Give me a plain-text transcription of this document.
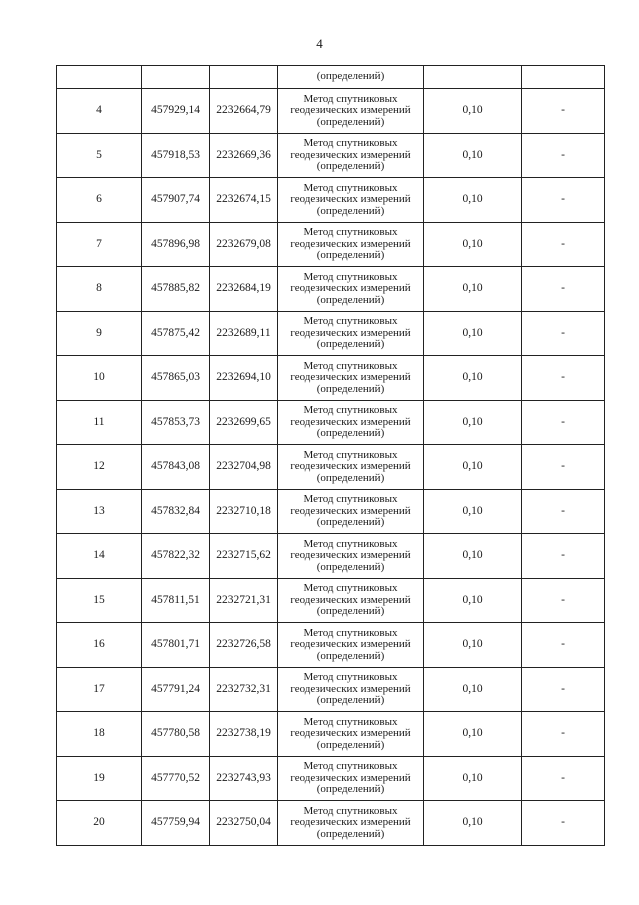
4
			(определений)		
4	457929,14	2232664,79	Метод спутниковых
геодезических измерений
(определений)	0,10	-
5	457918,53	2232669,36	Метод спутниковых
геодезических измерений
(определений)	0,10	-
6	457907,74	2232674,15	Метод спутниковых
геодезических измерений
(определений)	0,10	-
7	457896,98	2232679,08	Метод спутниковых
геодезических измерений
(определений)	0,10	-
8	457885,82	2232684,19	Метод спутниковых
геодезических измерений
(определений)	0,10	-
9	457875,42	2232689,11	Метод спутниковых
геодезических измерений
(определений)	0,10	-
10	457865,03	2232694,10	Метод спутниковых
геодезических измерений
(определений)	0,10	-
11	457853,73	2232699,65	Метод спутниковых
геодезических измерений
(определений)	0,10	-
12	457843,08	2232704,98	Метод спутниковых
геодезических измерений
(определений)	0,10	-
13	457832,84	2232710,18	Метод спутниковых
геодезических измерений
(определений)	0,10	-
14	457822,32	2232715,62	Метод спутниковых
геодезических измерений
(определений)	0,10	-
15	457811,51	2232721,31	Метод спутниковых
геодезических измерений
(определений)	0,10	-
16	457801,71	2232726,58	Метод спутниковых
геодезических измерений
(определений)	0,10	-
17	457791,24	2232732,31	Метод спутниковых
геодезических измерений
(определений)	0,10	-
18	457780,58	2232738,19	Метод спутниковых
геодезических измерений
(определений)	0,10	-
19	457770,52	2232743,93	Метод спутниковых
геодезических измерений
(определений)	0,10	-
20	457759,94	2232750,04	Метод спутниковых
геодезических измерений
(определений)	0,10	-
